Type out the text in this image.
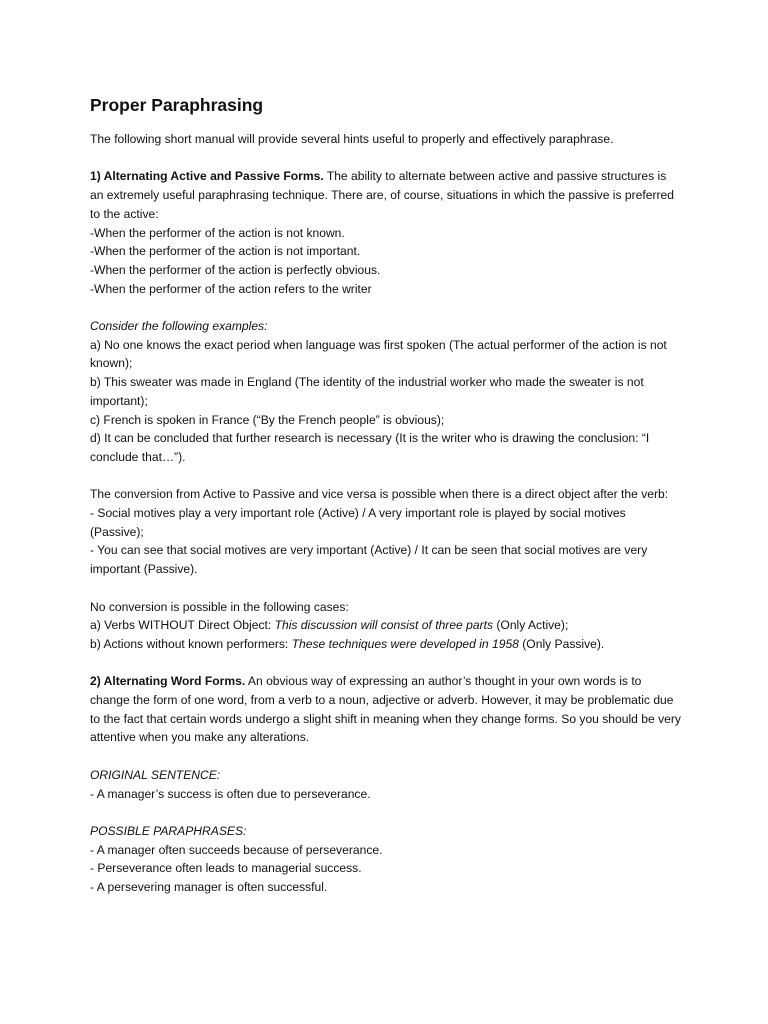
Proper Paraphrasing

The following short manual will provide several hints useful to properly and effectively paraphrase.

1) Alternating Active and Passive Forms. The ability to alternate between active and passive structures is an extremely useful paraphrasing technique. There are, of course, situations in which the passive is preferred to the active:
-When the performer of the action is not known.
-When the performer of the action is not important.
-When the performer of the action is perfectly obvious.
-When the performer of the action refers to the writer

Consider the following examples:
a) No one knows the exact period when language was first spoken (The actual performer of the action is not known);
b) This sweater was made in England (The identity of the industrial worker who made the sweater is not important);
c) French is spoken in France (“By the French people” is obvious);
d) It can be concluded that further research is necessary (It is the writer who is drawing the conclusion: “I conclude that…”).

The conversion from Active to Passive and vice versa is possible when there is a direct object after the verb:
- Social motives play a very important role (Active) / A very important role is played by social motives (Passive);
- You can see that social motives are very important (Active) / It can be seen that social motives are very important (Passive).

No conversion is possible in the following cases:
a) Verbs WITHOUT Direct Object: This discussion will consist of three parts (Only Active);
b) Actions without known performers: These techniques were developed in 1958 (Only Passive).

2) Alternating Word Forms. An obvious way of expressing an author’s thought in your own words is to change the form of one word, from a verb to a noun, adjective or adverb. However, it may be problematic due to the fact that certain words undergo a slight shift in meaning when they change forms. So you should be very attentive when you make any alterations.

ORIGINAL SENTENCE:
- A manager’s success is often due to perseverance.

POSSIBLE PARAPHRASES:
- A manager often succeeds because of perseverance.
- Perseverance often leads to managerial success.
- A persevering manager is often successful.
